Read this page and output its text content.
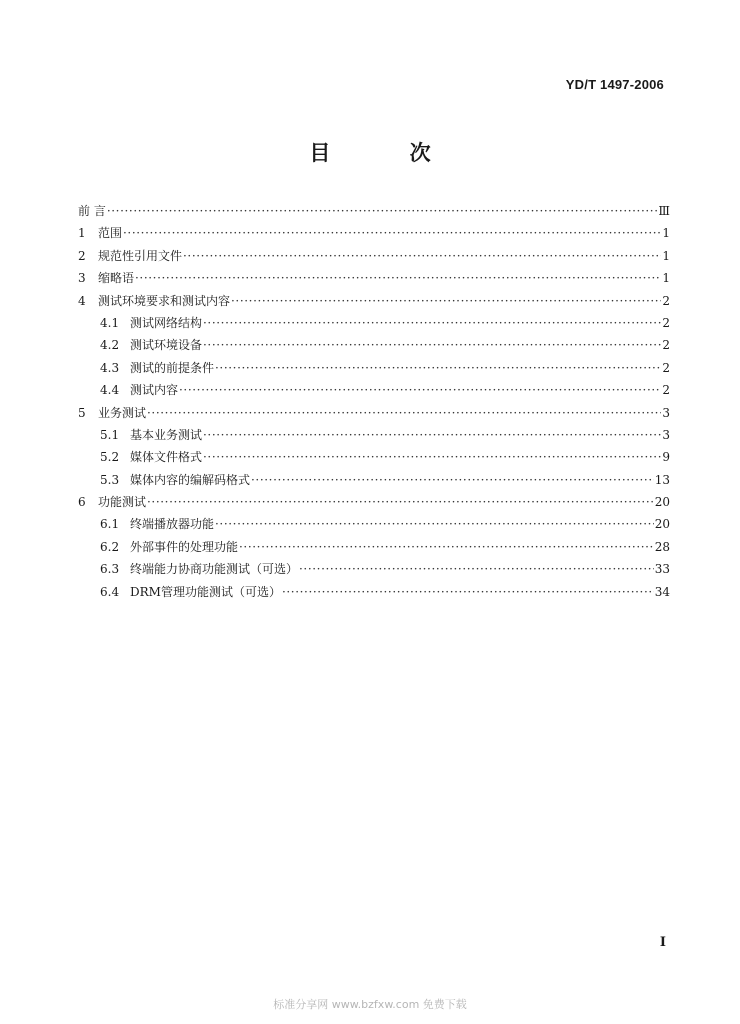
YD/T 1497-2006
目 次
前 言 ·····	Ⅲ
1	范围 ·····	1
2	规范性引用文件 ·····	1
3	缩略语 ·····	1
4	测试环境要求和测试内容 ·····	2
4.1 测试网络结构 ·····	2
4.2 测试环境设备 ·····	2
4.3 测试的前提条件 ·····	2
4.4 测试内容 ·····	2
5	业务测试 ·····	3
5.1 基本业务测试 ·····	3
5.2 媒体文件格式 ·····	9
5.3 媒体内容的编解码格式 ·····	13
6	功能测试 ·····	20
6.1 终端播放器功能 ·····	20
6.2 外部事件的处理功能 ·····	28
6.3 终端能力协商功能测试（可选） ·····	33
6.4 DRM管理功能测试（可选） ·····	34
I
标准分享网 www.bzfxw.com 免费下载
